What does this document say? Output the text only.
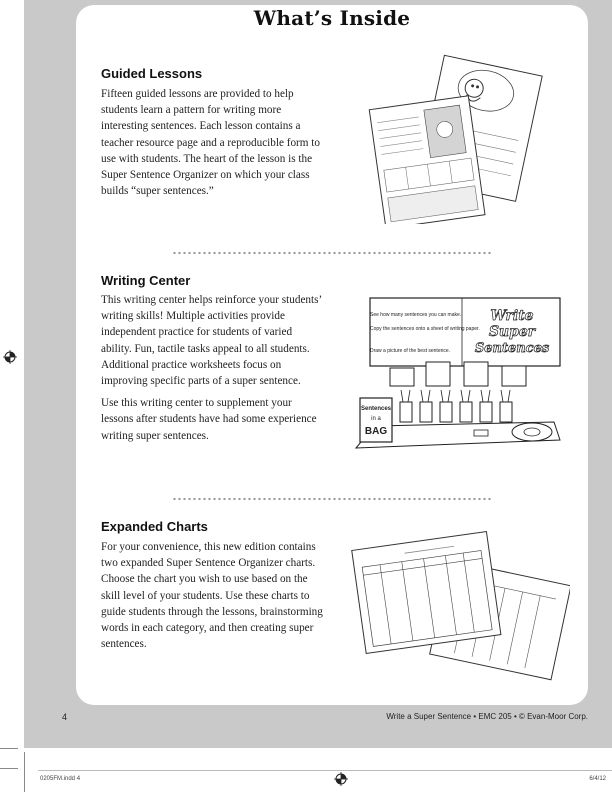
What’s Inside
Guided Lessons

Fifteen guided lessons are provided to help students learn a pattern for writing more interesting sentences. Each lesson contains a teacher resource page and a reproducible form to use with students. The heart of the lesson is the Super Sentence Organizer on which your class builds “super sentences.”

Writing Center

This writing center helps reinforce your students’ writing skills! Multiple activities provide independent practice for students of varied ability. Fun, tactile tasks appeal to all students. Additional practice worksheets focus on improving specific parts of a super sentence.

Use this writing center to supplement your lessons after students have had some experience writing super sentences.

See how many sentences you can make.
Copy the sentences onto a sheet of writing paper.
Draw a picture of the best sentence.
Write
Super
Sentences
Sentences
in a
BAG
Expanded Charts

For your convenience, this new edition contains two expanded Super Sentence Organizer charts. Choose the chart you wish to use based on the skill level of your students. Use these charts to guide students through the lessons, brainstorming words in each category, and then creating super sentences.

4	Write a Super Sentence • EMC 205 • © Evan-Moor Corp.
0205FM.indd 4	6/4/12
